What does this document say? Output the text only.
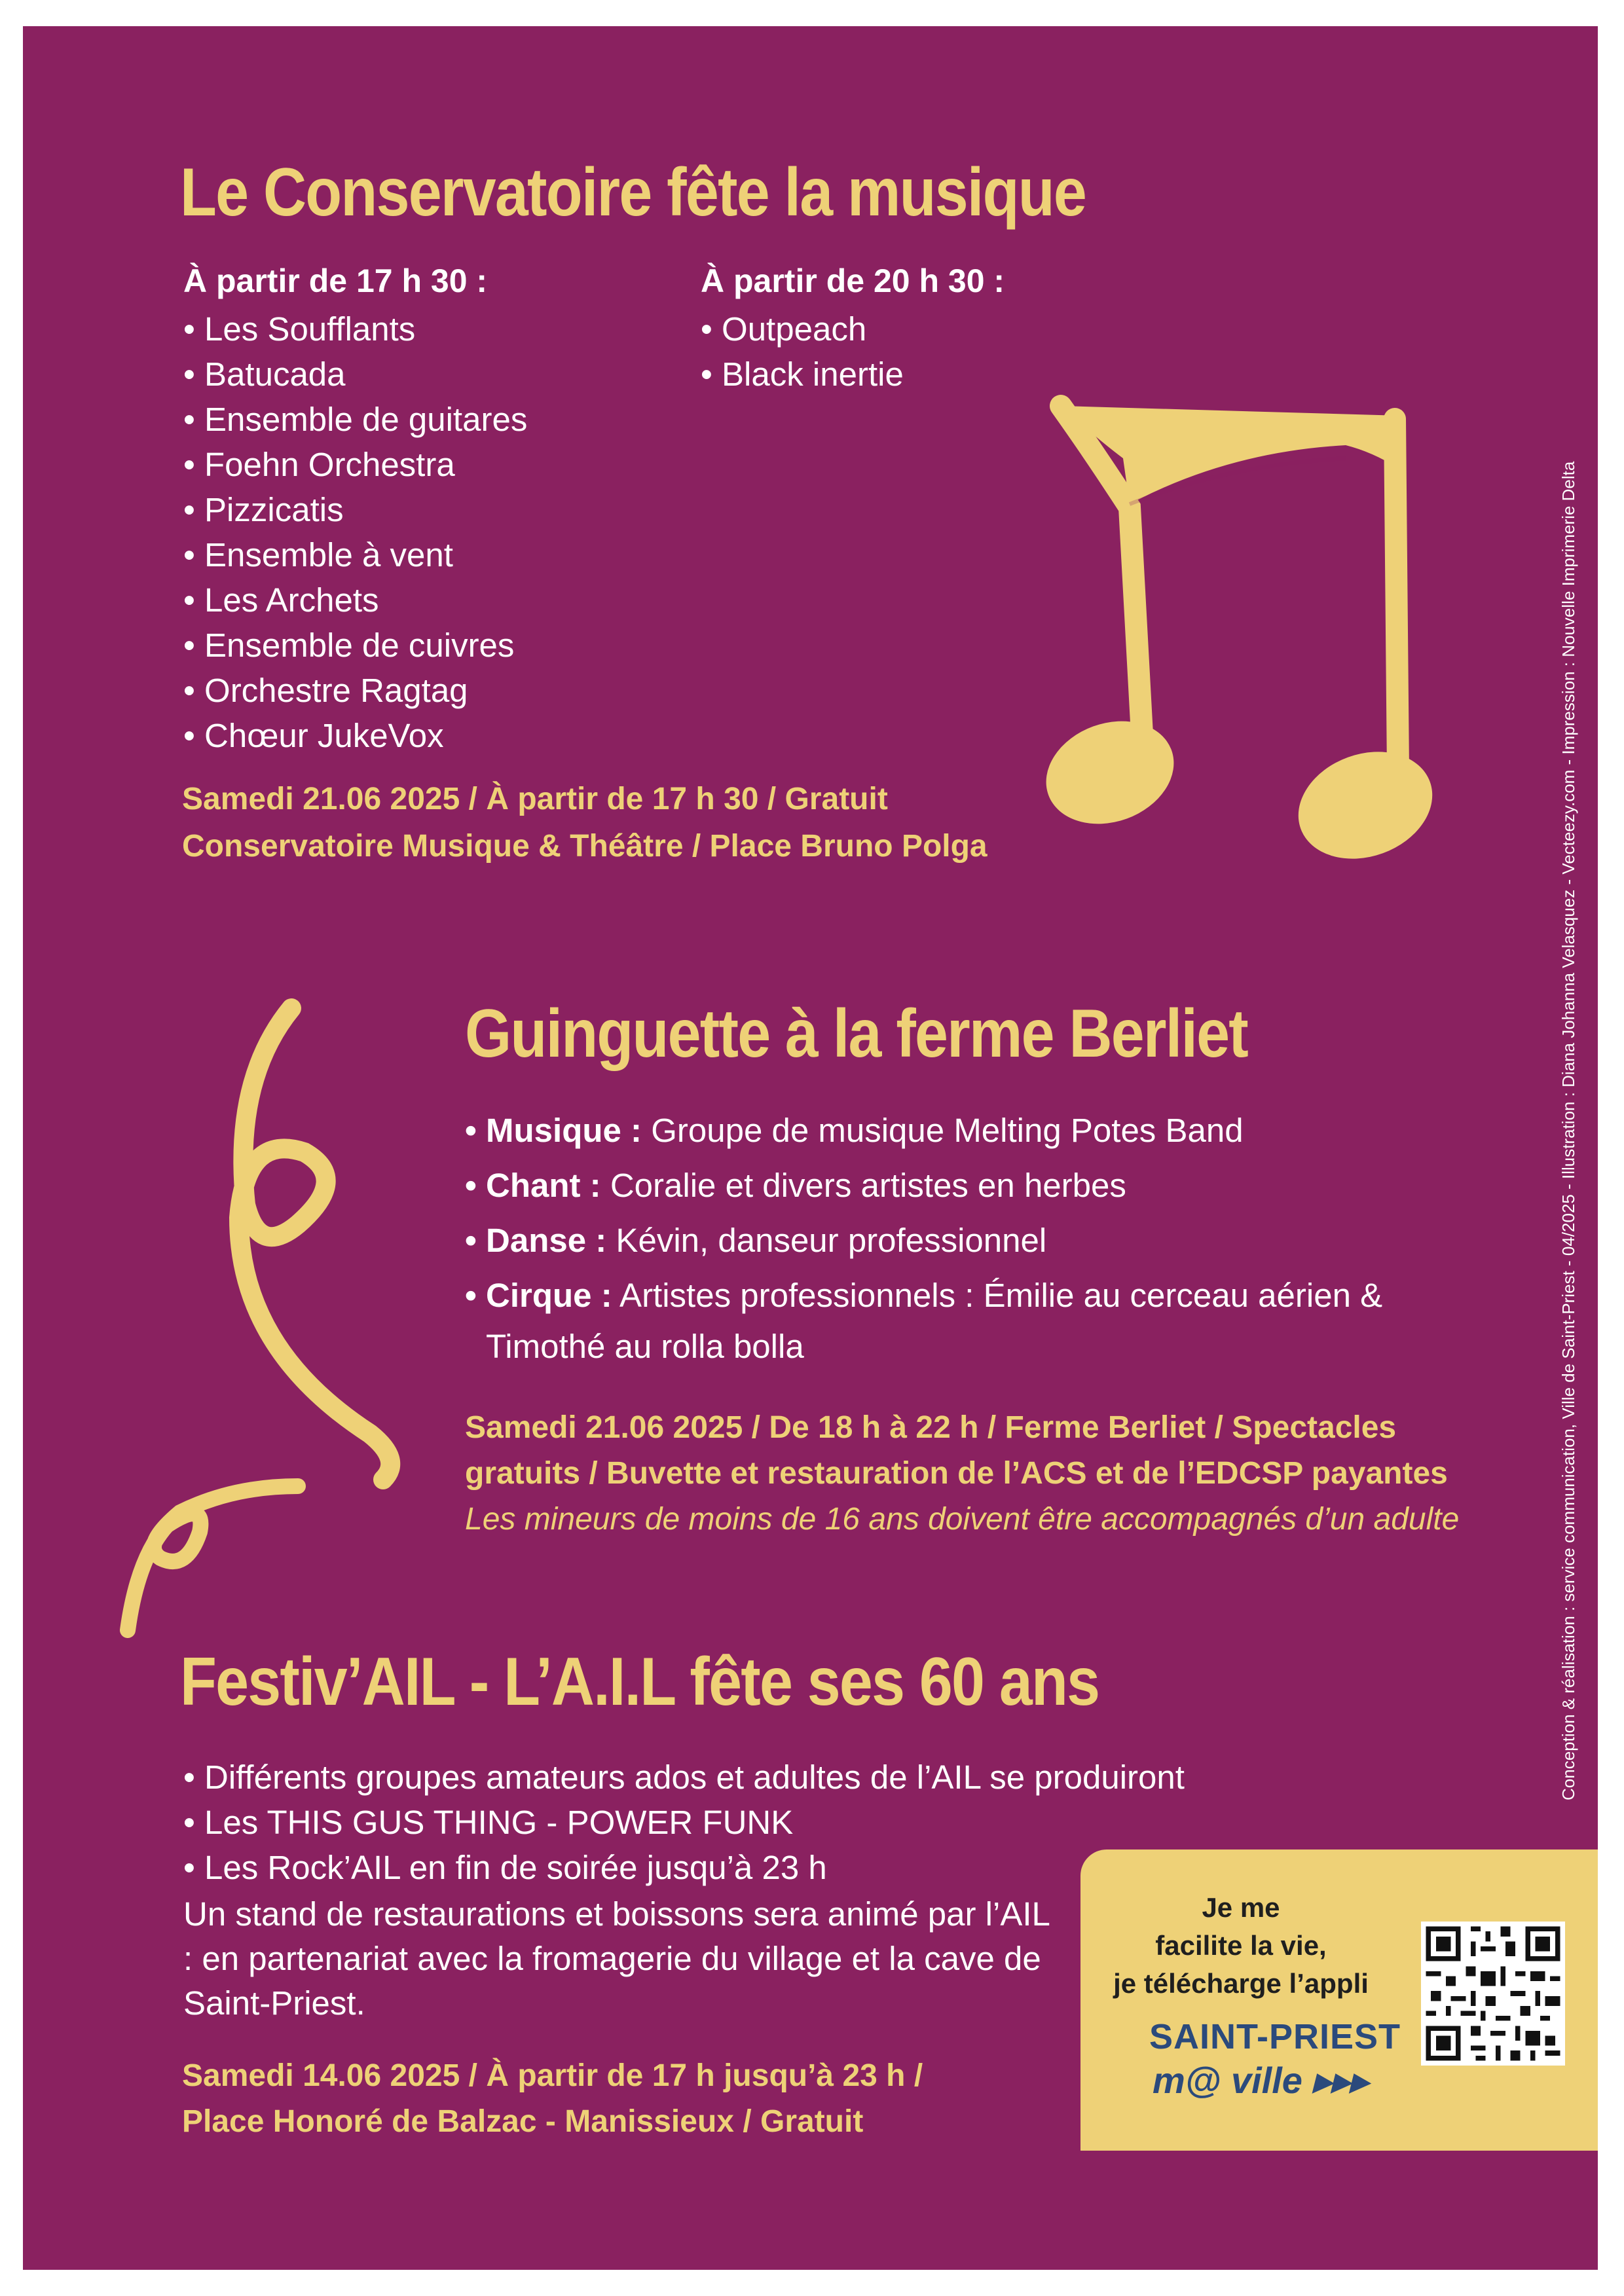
Le Conservatoire fête la musique
À partir de 17 h 30 :
• Les Soufflants
• Batucada
• Ensemble de guitares
• Foehn Orchestra
• Pizzicatis
• Ensemble à vent
• Les Archets
• Ensemble de cuivres
• Orchestre Ragtag
• Chœur JukeVox
À partir de 20 h 30 :
• Outpeach
• Black inertie
Samedi 21.06 2025 / À partir de 17 h 30 / Gratuit
Conservatoire Musique & Théâtre / Place Bruno Polga
Guinguette à la ferme Berliet
• Musique : Groupe de musique Melting Potes Band
• Chant : Coralie et divers artistes en herbes
• Danse : Kévin, danseur professionnel
• Cirque : Artistes professionnels : Émilie au cerceau aérien &
Timothé au rolla bolla
Samedi 21.06 2025 / De 18 h à 22 h / Ferme Berliet / Spectacles
gratuits / Buvette et restauration de l’ACS et de l’EDCSP payantes
Les mineurs de moins de 16 ans doivent être accompagnés d’un adulte
Festiv’AIL - L’A.I.L fête ses 60 ans
• Différents groupes amateurs ados et adultes de l’AIL se produiront
• Les THIS GUS THING - POWER FUNK
• Les Rock’AIL en fin de soirée jusqu’à 23 h
Un stand de restaurations et boissons sera animé par l’AIL : en partenariat avec la fromagerie du village et la cave de Saint-Priest.
Samedi 14.06 2025 / À partir de 17 h jusqu’à 23 h /
Place Honoré de Balzac - Manissieux / Gratuit
Je me
facilite la vie,
je télécharge l’appli
SAINT-PRIEST
m@ ville ▸▸▸
Conception & réalisation : service communication, Ville de Saint-Priest - 04/2025 - Illustration : Diana Johanna Velasquez - Vecteezy.com - Impression : Nouvelle Imprimerie Delta
